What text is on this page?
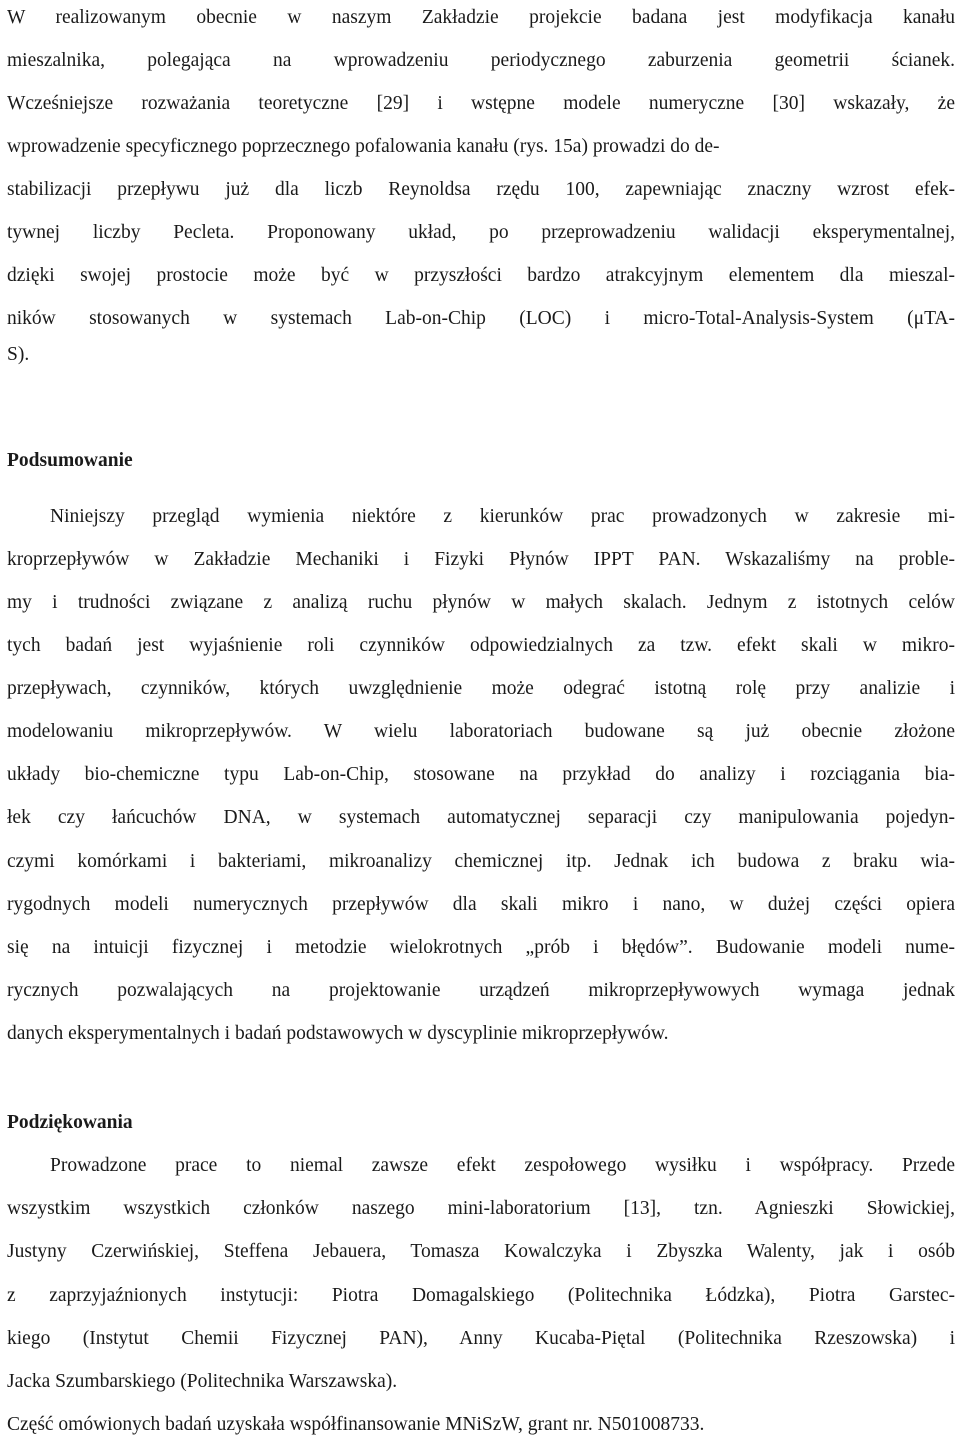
W realizowanym obecnie w naszym Zakładzie projekcie badana jest modyfikacja kanału
mieszalnika, polegająca na wprowadzeniu periodycznego zaburzenia geometrii ścianek.
Wcześniejsze rozważania teoretyczne [29] i wstępne modele numeryczne [30] wskazały, że
wprowadzenie specyficznego poprzecznego pofalowania kanału (rys. 15a) prowadzi do de-
stabilizacji przepływu już dla liczb Reynoldsa rzędu 100, zapewniając znaczny wzrost efek-
tywnej liczby Pecleta. Proponowany układ, po przeprowadzeniu walidacji eksperymentalnej,
dzięki swojej prostocie może być w przyszłości bardzo atrakcyjnym elementem dla mieszal-
ników stosowanych w systemach Lab-on-Chip (LOC) i micro-Total-Analysis-System (μTA-
S).
Podsumowanie
Niniejszy przegląd wymienia niektóre z kierunków prac prowadzonych w zakresie mi-
kroprzepływów w Zakładzie Mechaniki i Fizyki Płynów IPPT PAN. Wskazaliśmy na proble-
my i trudności związane z analizą ruchu płynów w małych skalach. Jednym z istotnych celów
tych badań jest wyjaśnienie roli czynników odpowiedzialnych za tzw. efekt skali w mikro-
przepływach, czynników, których uwzględnienie może odegrać istotną rolę przy analizie i
modelowaniu mikroprzepływów. W wielu laboratoriach budowane są już obecnie złożone
układy bio-chemiczne typu Lab-on-Chip, stosowane na przykład do analizy i rozciągania bia-
łek czy łańcuchów DNA, w systemach automatycznej separacji czy manipulowania pojedyn-
czymi komórkami i bakteriami, mikroanalizy chemicznej itp. Jednak ich budowa z braku wia-
rygodnych modeli numerycznych przepływów dla skali mikro i nano, w dużej części opiera
się na intuicji fizycznej i metodzie wielokrotnych „prób i błędów”. Budowanie modeli nume-
rycznych pozwalających na projektowanie urządzeń mikroprzepływowych wymaga jednak
danych eksperymentalnych i badań podstawowych w dyscyplinie mikroprzepływów.
Podziękowania
Prowadzone prace to niemal zawsze efekt zespołowego wysiłku i współpracy. Przede
wszystkim wszystkich członków naszego mini-laboratorium [13], tzn. Agnieszki Słowickiej,
Justyny Czerwińskiej, Steffena Jebauera, Tomasza Kowalczyka i Zbyszka Walenty, jak i osób
z zaprzyjaźnionych instytucji: Piotra Domagalskiego (Politechnika Łódzka), Piotra Garstec-
kiego (Instytut Chemii Fizycznej PAN), Anny Kucaba-Piętal (Politechnika Rzeszowska) i
Jacka Szumbarskiego (Politechnika Warszawska).
Część omówionych badań uzyskała współfinansowanie MNiSzW, grant nr. N501008733.
